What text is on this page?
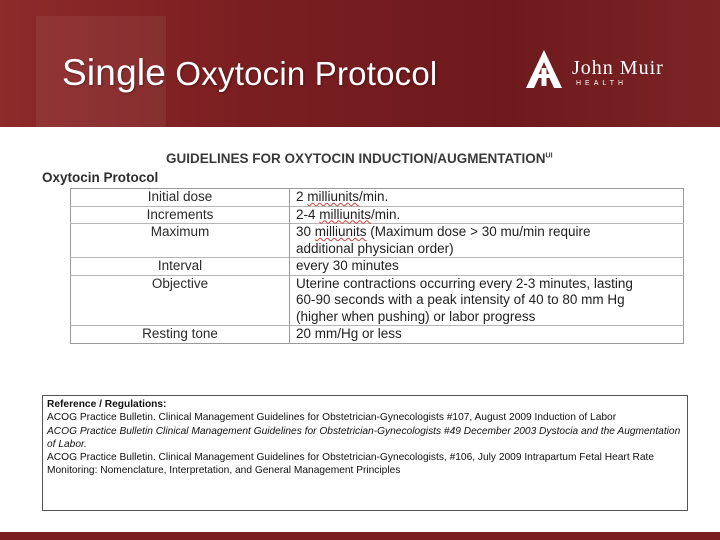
Single Oxytocin Protocol	John Muir
HEALTH
GUIDELINES FOR OXYTOCIN INDUCTION/$AUGMENTATION^{UI}$
Oxytocin Protocol
Initial dose	2 milliunits/min.
Increments	2-4 milliunits/min.
Maximum	30 milliunits (Maximum dose > 30 mu/min require
additional physician order)
Interval	every 30 minutes
Objective	Uterine contractions occurring every 2-3 minutes, lasting
60-90 seconds with a peak intensity of 40 to 80 mm Hg
(higher when pushing) or labor progress
Resting tone	20 mm/Hg or less

Reference / Regulations:

ACOG Practice Bulletin. Clinical Management Guidelines for Obstetrician-Gynecologists #107, August 2009 Induction of Labor

ACOG Practice Bulletin Clinical Management Guidelines for Obstetrician-Gynecologists #49 December 2003 Dystocia and the Augmentation of Labor.

ACOG Practice Bulletin. Clinical Management Guidelines for Obstetrician-Gynecologists, #106, July 2009 Intrapartum Fetal Heart Rate Monitoring: Nomenclature, Interpretation, and General Management Principles
